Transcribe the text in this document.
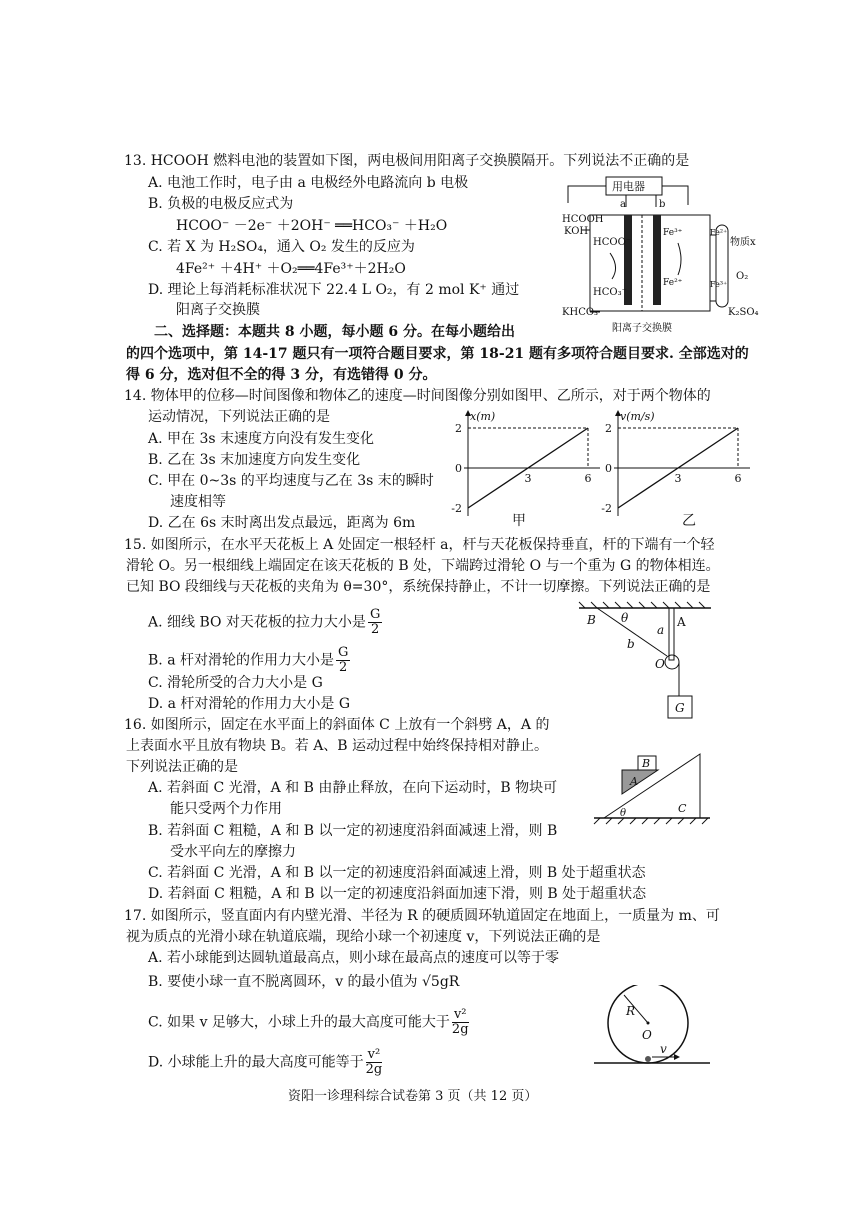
13. HCOOH 燃料电池的装置如下图，两电极间用阳离子交换膜隔开。下列说法不正确的是
A. 电池工作时，电子由 a 电极经外电路流向 b 电极
B. 负极的电极反应式为
HCOO⁻ －2e⁻ ＋2OH⁻ ══HCO₃⁻ ＋H₂O
C. 若 X 为 H₂SO₄，通入 O₂ 发生的反应为
4Fe²⁺ ＋4H⁺ ＋O₂══4Fe³⁺＋2H₂O
D. 理论上每消耗标准状况下 22.4 L O₂，有 2 mol K⁺ 通过
阳离子交换膜
用电器
a	b
HCOOH
KOH
HCOO⁻
HCO₃⁻
Fe³⁺
Fe²⁺
KHCO₃
Fe²⁺
Fe³⁺
物质x
O₂
K₂SO₄
阳离子交换膜
二、选择题：本题共 8 小题，每小题 6 分。在每小题给出
的四个选项中，第 14-17 题只有一项符合题目要求，第 18-21 题有多项符合题目要求. 全部选对的
得 6 分，选对但不全的得 3 分，有选错得 0 分。
14. 物体甲的位移—时间图像和物体乙的速度—时间图像分别如图甲、乙所示，对于两个物体的
运动情况，下列说法正确的是
A. 甲在 3s 末速度方向没有发生变化
B. 乙在 3s 末加速度方向发生变化
C. 甲在 0~3s 的平均速度与乙在 3s 末的瞬时
速度相等
D. 乙在 6s 末时离出发点最远，距离为 6m
2
0
-2
3	6
x(m)
2
0
-2
3	6
v(m/s)
甲	乙
15. 如图所示，在水平天花板上 A 处固定一根轻杆 a，杆与天花板保持垂直，杆的下端有一个轻
滑轮 O。另一根细线上端固定在该天花板的 B 处，下端跨过滑轮 O 与一个重为 G 的物体相连。
已知 BO 段细线与天花板的夹角为 θ=30°，系统保持静止，不计一切摩擦。下列说法正确的是
A. 细线 BO 对天花板的拉力大小是 $\frac{G}{2}$
B. a 杆对滑轮的作用力大小是 $\frac{G}{2}$
C. 滑轮所受的合力大小是 G
D. a 杆对滑轮的作用力大小是 G
B θ
a
A
b
O
G
16. 如图所示，固定在水平面上的斜面体 C 上放有一个斜劈 A，A 的
上表面水平且放有物块 B。若 A、B 运动过程中始终保持相对静止。
下列说法正确的是
A. 若斜面 C 光滑，A 和 B 由静止释放，在向下运动时，B 物块可
能只受两个力作用
B. 若斜面 C 粗糙，A 和 B 以一定的初速度沿斜面减速上滑，则 B
受水平向左的摩擦力
C. 若斜面 C 光滑，A 和 B 以一定的初速度沿斜面减速上滑，则 B 处于超重状态
D. 若斜面 C 粗糙，A 和 B 以一定的初速度沿斜面加速下滑，则 B 处于超重状态
B
A
C
θ
17. 如图所示，竖直面内有内壁光滑、半径为 R 的硬质圆环轨道固定在地面上，一质量为 m、可
视为质点的光滑小球在轨道底端，现给小球一个初速度 v，下列说法正确的是
A. 若小球能到达圆轨道最高点，则小球在最高点的速度可以等于零
B. 要使小球一直不脱离圆环，v 的最小值为 √5gR
C. 如果 v 足够大，小球上升的最大高度可能大于 $\frac{\text{v²}}{2g}$
D. 小球能上升的最大高度可能等于 $\frac{\text{v²}}{2g}$
R
O
v
资阳一诊理科综合试卷第 3 页（共 12 页）
